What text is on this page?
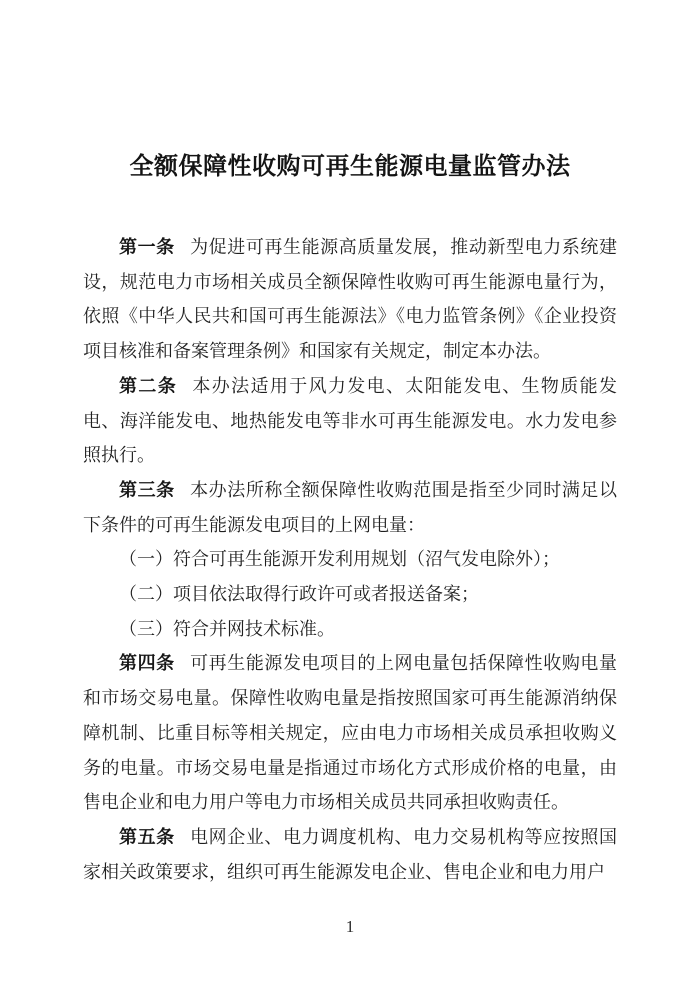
全额保障性收购可再生能源电量监管办法

第一条 为促进可再生能源高质量发展，推动新型电力系统建设，规范电力市场相关成员全额保障性收购可再生能源电量行为，依照《中华人民共和国可再生能源法》《电力监管条例》《企业投资项目核准和备案管理条例》和国家有关规定，制定本办法。

第二条 本办法适用于风力发电、太阳能发电、生物质能发电、海洋能发电、地热能发电等非水可再生能源发电。水力发电参照执行。

第三条 本办法所称全额保障性收购范围是指至少同时满足以下条件的可再生能源发电项目的上网电量：

（一）符合可再生能源开发利用规划（沼气发电除外）；

（二）项目依法取得行政许可或者报送备案；

（三）符合并网技术标准。

第四条 可再生能源发电项目的上网电量包括保障性收购电量和市场交易电量。保障性收购电量是指按照国家可再生能源消纳保障机制、比重目标等相关规定，应由电力市场相关成员承担收购义务的电量。市场交易电量是指通过市场化方式形成价格的电量，由售电企业和电力用户等电力市场相关成员共同承担收购责任。

第五条 电网企业、电力调度机构、电力交易机构等应按照国家相关政策要求，组织可再生能源发电企业、售电企业和电力用户

1
